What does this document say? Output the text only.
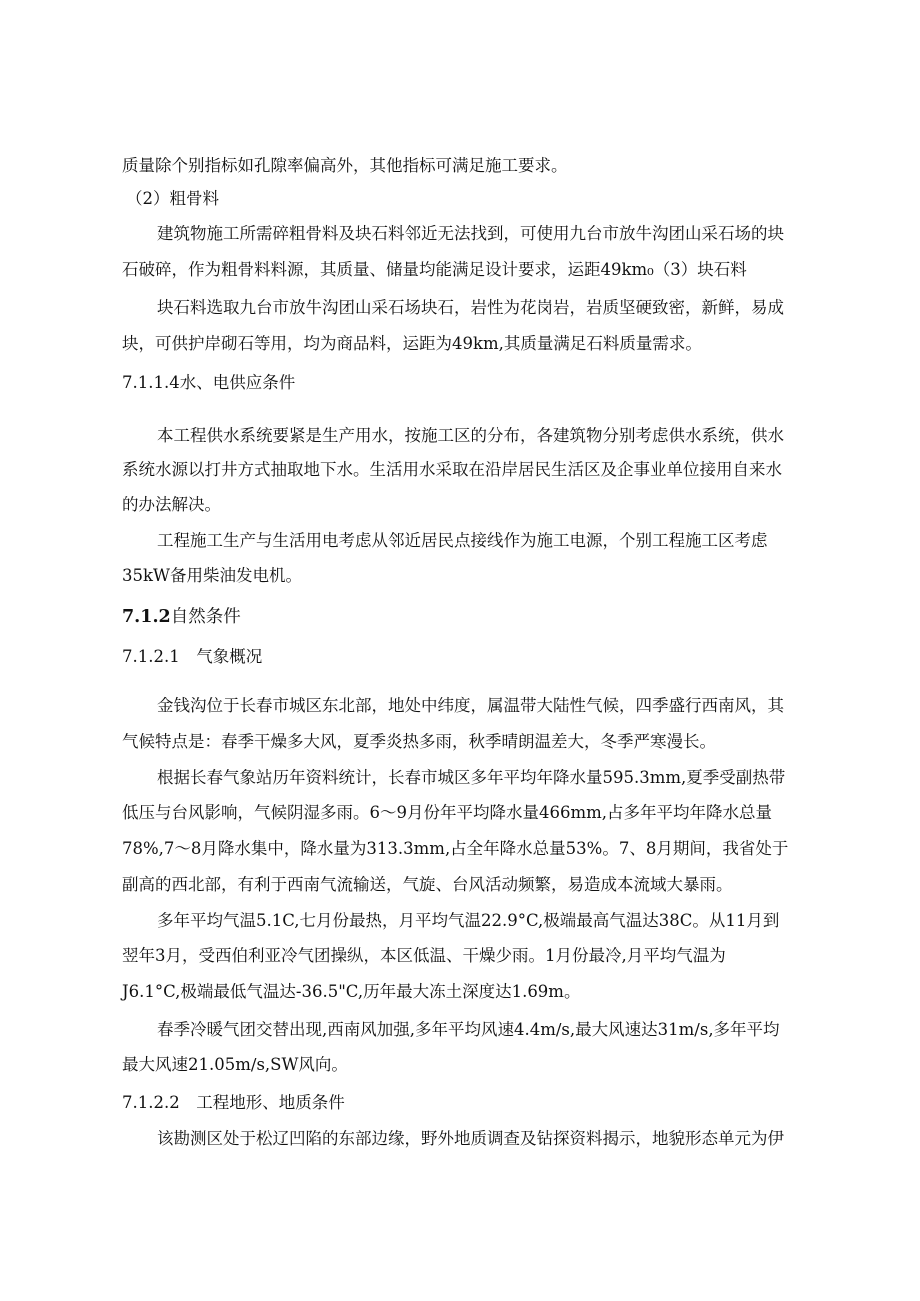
质量除个别指标如孔隙率偏高外，其他指标可满足施工要求。

（2）粗骨料

建筑物施工所需碎粗骨料及块石料邻近无法找到，可使用九台市放牛沟团山采石场的块

石破碎，作为粗骨料料源，其质量、储量均能满足设计要求，运距49km₀（3）块石料

块石料选取九台市放牛沟团山采石场块石，岩性为花岗岩，岩质坚硬致密，新鲜，易成

块，可供护岸砌石等用，均为商品料，运距为49km,其质量满足石料质量需求。

7.1.1.4水、电供应条件

本工程供水系统要紧是生产用水，按施工区的分布，各建筑物分别考虑供水系统，供水

系统水源以打井方式抽取地下水。生活用水采取在沿岸居民生活区及企事业单位接用自来水

的办法解决。

工程施工生产与生活用电考虑从邻近居民点接线作为施工电源，个别工程施工区考虑

35kW备用柴油发电机。

7.1.2自然条件

7.1.2.1　气象概况

金钱沟位于长春市城区东北部，地处中纬度，属温带大陆性气候，四季盛行西南风，其

气候特点是：春季干燥多大风，夏季炎热多雨，秋季晴朗温差大，冬季严寒漫长。

根据长春气象站历年资料统计，长春市城区多年平均年降水量595.3mm,夏季受副热带

低压与台风影响，气候阴湿多雨。6～9月份年平均降水量466mm,占多年平均年降水总量

78%,7～8月降水集中，降水量为313.3mm,占全年降水总量53%。7、8月期间，我省处于

副高的西北部，有利于西南气流输送，气旋、台风活动频繁，易造成本流域大暴雨。

多年平均气温5.1C,七月份最热，月平均气温22.9°C,极端最高气温达38C。从11月到

翌年3月，受西伯利亚冷气团操纵，本区低温、干燥少雨。1月份最冷,月平均气温为

J6.1°C,极端最低气温达-36.5"C,历年最大冻土深度达1.69m。

春季冷暖气团交替出现,西南风加强,多年平均风速4.4m∕s,最大风速达31m∕s,多年平均

最大风速21.05m∕s,SW风向。

7.1.2.2　工程地形、地质条件

该勘测区处于松辽凹陷的东部边缘，野外地质调查及钻探资料揭示，地貌形态单元为伊
